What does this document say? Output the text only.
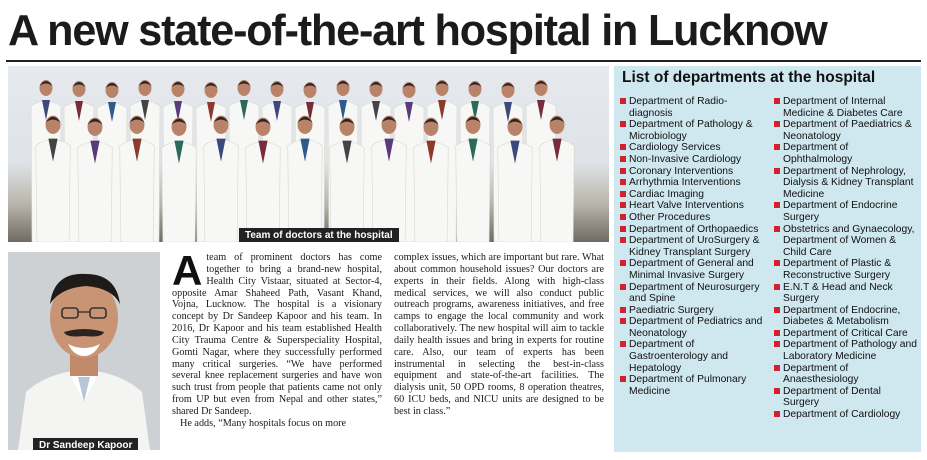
A new state-of-the-art hospital in Lucknow
Team of doctors at the hospital
Dr Sandeep Kapoor
A team of prominent doctors has come together to bring a brand-new hospital, Health City Vistaar, situated at Sector-4, opposite Amar Shaheed Path, Vasant Khand, Vojna, Lucknow. The hospital is a visionary concept by Dr Sandeep Kapoor and his team. In 2016, Dr Kapoor and his team established Health City Trauma Centre & Superspeciality Hospital, Gomti Nagar, where they successfully performed many critical surgeries. “We have performed several knee replacement surgeries and have won such trust from people that patients came not only from UP but even from Nepal and other states,” shared Dr Sandeep.

He adds, “Many hospitals focus on more

complex issues, which are important but rare. What about common household issues? Our doctors are experts in their fields. Along with high-class medical services, we will also conduct public outreach programs, awareness initiatives, and free camps to engage the local community and work collaboratively. The new hospital will aim to tackle daily health issues and bring in experts for routine care. Also, our team of experts has been instrumental in selecting the best-in-class equipment and state-of-the-art facilities. The dialysis unit, 50 OPD rooms, 8 operation theatres, 60 ICU beds, and NICU units are designed to be best in class.”

List of departments at the hospital

Department of Radio-diagnosis

Department of Pathology & Microbiology

Cardiology Services

Non-Invasive Cardiology

Coronary Interventions

Arrhythmia Interventions

Cardiac Imaging

Heart Valve Interventions

Other Procedures

Department of Orthopaedics

Department of UroSurgery & Kidney Transplant Surgery

Department of General and Minimal Invasive Surgery

Department of Neurosurgery and Spine

Paediatric Surgery

Department of Pediatrics and Neonatology

Department of Gastroenterology and Hepatology

Department of Pulmonary Medicine

Department of Internal Medicine & Diabetes Care

Department of Paediatrics & Neonatology

Department of Ophthalmology

Department of Nephrology, Dialysis & Kidney Transplant Medicine

Department of Endocrine Surgery

Obstetrics and Gynaecology, Department of Women & Child Care

Department of Plastic & Reconstructive Surgery

E.N.T & Head and Neck Surgery

Department of Endocrine, Diabetes & Metabolism

Department of Critical Care

Department of Pathology and Laboratory Medicine

Department of Anaesthesiology

Department of Dental Surgery

Department of Cardiology
